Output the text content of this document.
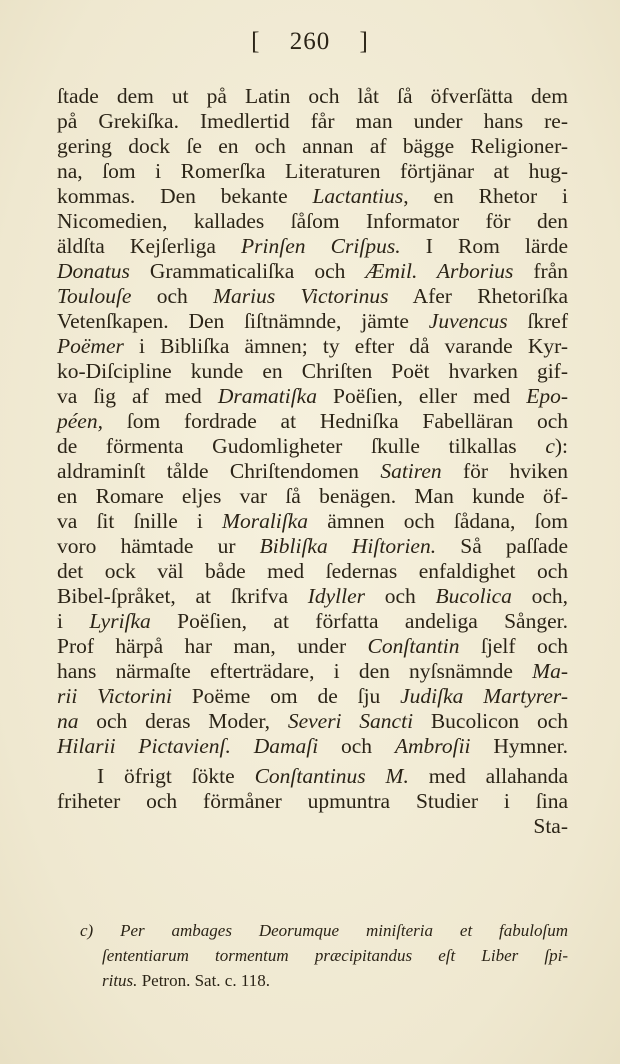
[ 260 ]
ſtade dem ut på Latin och låt ſå öfverſätta dem
på Grekiſka. Imedlertid får man under hans re-
gering dock ſe en och annan af bägge Religioner-
na, ſom i Romerſka Literaturen förtjänar at hug-
kommas. Den bekante Lactantius, en Rhetor i
Nicomedien, kallades ſåſom Informator för den
äldſta Kejſerliga Prinſen Criſpus. I Rom lärde
Donatus Grammaticaliſka och Æmil. Arborius från
Toulouſe och Marius Victorinus Afer Rhetoriſka
Vetenſkapen. Den ſiſtnämnde, jämte Juvencus ſkref
Poëmer i Bibliſka ämnen; ty efter då varande Kyr-
ko-Diſcipline kunde en Chriſten Poët hvarken gif-
va ſig af med Dramatiſka Poëſien, eller med Epo-
péen, ſom fordrade at Hedniſka Fabelläran och
de förmenta Gudomligheter ſkulle tilkallas c):
aldraminſt tålde Chriſtendomen Satiren för hviken
en Romare eljes var ſå benägen. Man kunde öf-
va ſit ſnille i Moraliſka ämnen och ſådana, ſom
voro hämtade ur Bibliſka Hiſtorien. Så paſſade
det ock väl både med ſedernas enfaldighet och
Bibel-ſpråket, at ſkrifva Idyller och Bucolica och,
i Lyriſka Poëſien, at författa andeliga Sånger.
Prof härpå har man, under Conſtantin ſjelf och
hans närmaſte efterträdare, i den nyſsnämnde Ma-
rii Victorini Poëme om de ſju Judiſka Martyrer-
na och deras Moder, Severi Sancti Bucolicon och
Hilarii Pictavienſ. Damaſi och Ambroſii Hymner.
I öfrigt ſökte Conſtantinus M. med allahanda
friheter och förmåner upmuntra Studier i ſina
Sta-
c) Per ambages Deorumque miniſteria et fabuloſum
ſententiarum tormentum præcipitandus eſt Liber ſpi-
ritus. Petron. Sat. c. 118.
